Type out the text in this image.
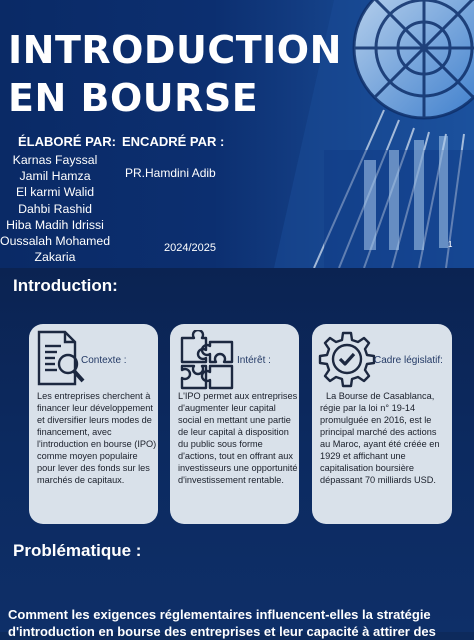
INTRODUCTION
EN BOURSE
ÉLABORÉ PAR: ENCADRÉ PAR :
Karnas Fayssal
Jamil Hamza
El karmi Walid
Dahbi Rashid
Hiba Madih Idrissi
Oussalah Mohamed
Zakaria
PR.Hamdini Adib
2024/2025	1
Introduction:
Contexte :
Les entreprises cherchent à financer leur développement et diversifier leurs modes de financement, avec l'introduction en bourse (IPO) comme moyen populaire pour lever des fonds sur les marchés de capitaux.
Intérêt :
L'IPO permet aux entreprises d'augmenter leur capital social en mettant une partie de leur capital à disposition du public sous forme d'actions, tout en offrant aux investisseurs une opportunité d'investissement rentable.
Cadre législatif:
La Bourse de Casablanca, régie par la loi n° 19-14 promulguée en 2016, est le principal marché des actions au Maroc, ayant été créée en 1929 et affichant une capitalisation boursière dépassant 70 milliards USD.
Problématique :
Comment les exigences réglementaires influencent-elles la stratégie d'introduction en bourse des entreprises et leur capacité à attirer des
